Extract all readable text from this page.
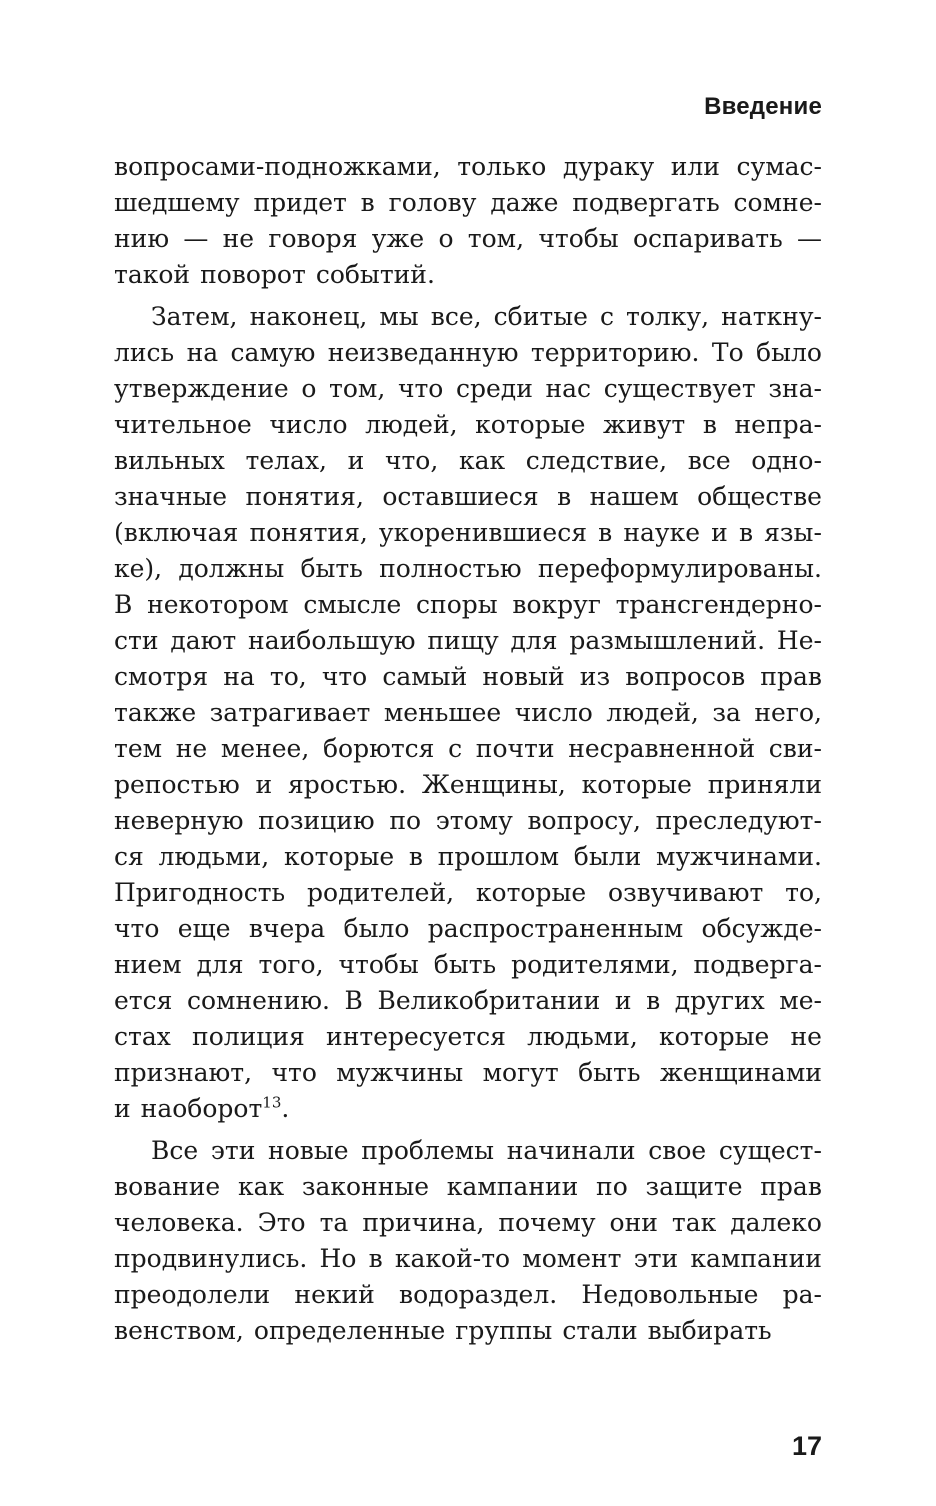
Введение
вопросами-подножками, только дураку или сумас-
шедшему придет в голову даже подвергать сомне-
нию — не говоря уже о том, чтобы оспаривать —
такой поворот событий.
Затем, наконец, мы все, сбитые с толку, наткну-
лись на самую неизведанную территорию. То было
утверждение о том, что среди нас существует зна-
чительное число людей, которые живут в непра-
вильных телах, и что, как следствие, все одно-
значные понятия, оставшиеся в нашем обществе
(включая понятия, укоренившиеся в науке и в язы-
ке), должны быть полностью переформулированы.
В некотором смысле споры вокруг трансгендерно-
сти дают наибольшую пищу для размышлений. Не-
смотря на то, что самый новый из вопросов прав
также затрагивает меньшее число людей, за него,
тем не менее, борются с почти несравненной сви-
репостью и яростью. Женщины, которые приняли
неверную позицию по этому вопросу, преследуют-
ся людьми, которые в прошлом были мужчинами.
Пригодность родителей, которые озвучивают то,
что еще вчера было распространенным обсужде-
нием для того, чтобы быть родителями, подверга-
ется сомнению. В Великобритании и в других ме-
стах полиция интересуется людьми, которые не
признают, что мужчины могут быть женщинами
и наоборот$^{13}$.
Все эти новые проблемы начинали свое сущест-
вование как законные кампании по защите прав
человека. Это та причина, почему они так далеко
продвинулись. Но в какой-то момент эти кампании
преодолели некий водораздел. Недовольные ра-
венством, определенные группы стали выбирать
17
